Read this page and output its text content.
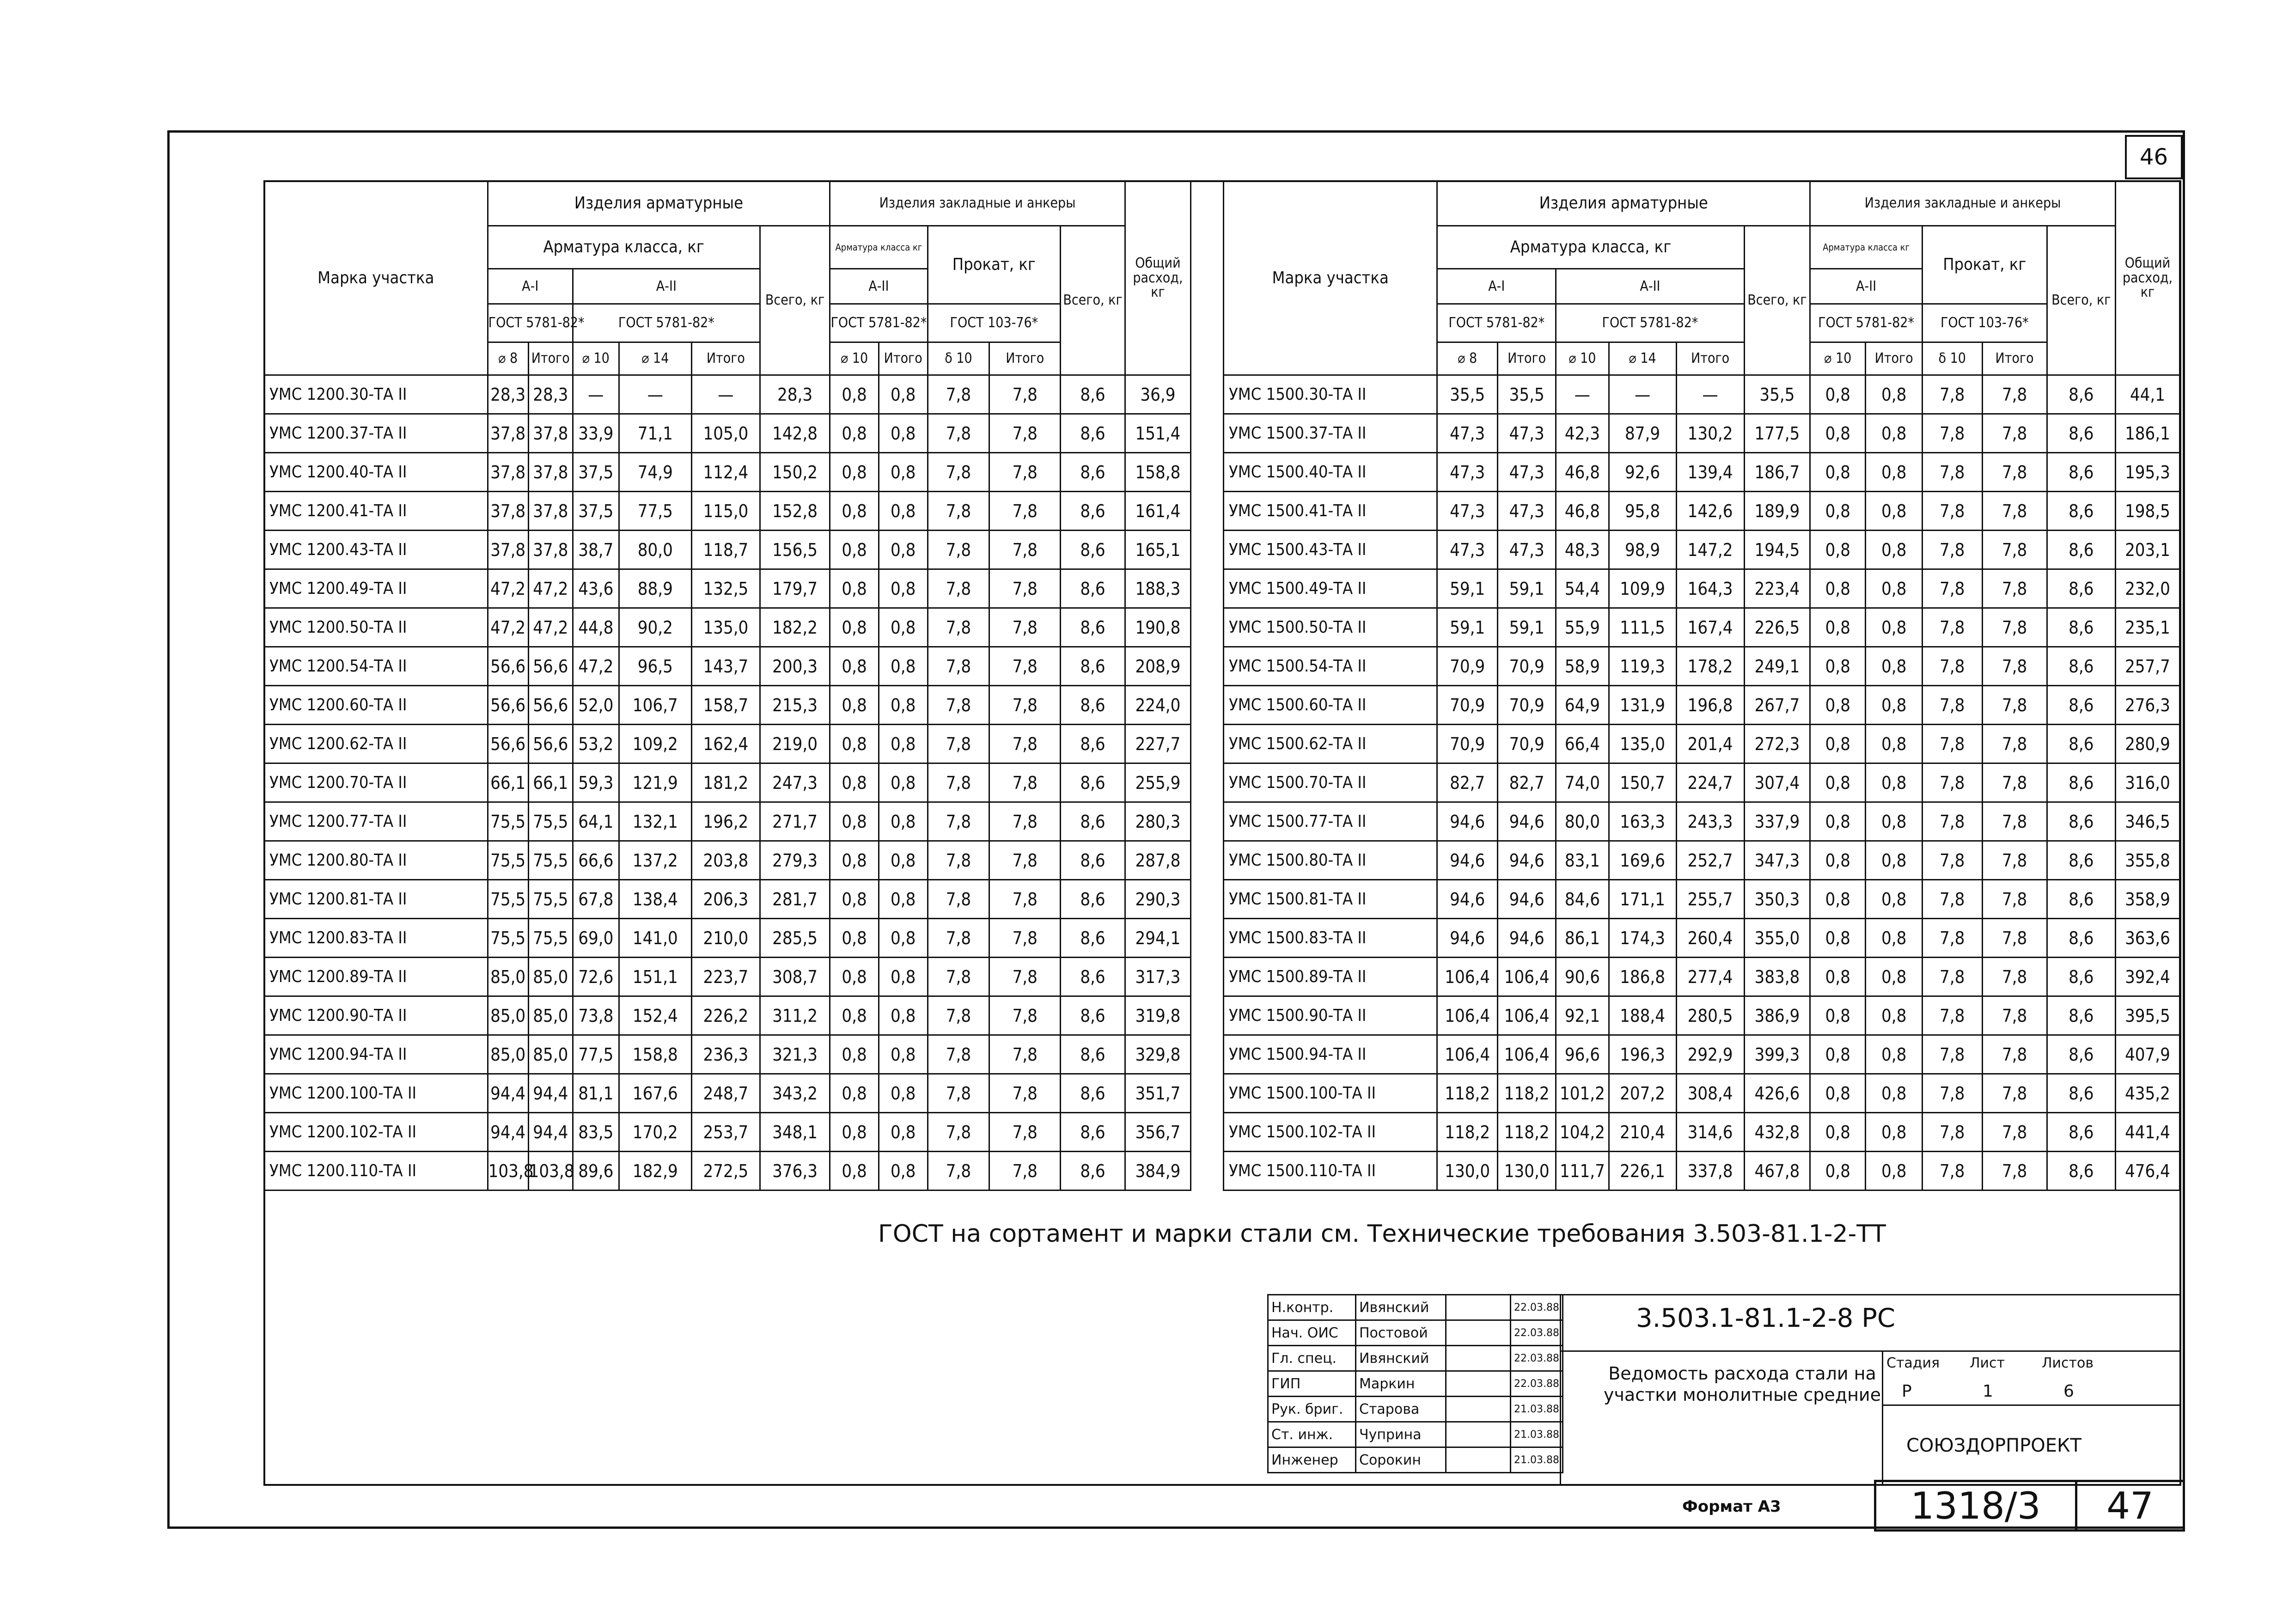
46
Марка участка	Изделия арматурные						Изделия закладные и анкеры					Общий расход, кг
	Арматура класса, кг					Всего, кг	Арматура класса кг		Прокат, кг		Всего, кг	
	А-I		А-II				А-II					
	ГОСТ 5781-82*		ГОСТ 5781-82*				ГОСТ 5781-82*		ГОСТ 103-76*			
	⌀ 8	Итого	⌀ 10	⌀ 14	Итого		⌀ 10	Итого	δ 10	Итого		
УМС 1200.30-ТА II	28,3	28,3	—	—	—	28,3	0,8	0,8	7,8	7,8	8,6	36,9
УМС 1200.37-ТА II	37,8	37,8	33,9	71,1	105,0	142,8	0,8	0,8	7,8	7,8	8,6	151,4
УМС 1200.40-ТА II	37,8	37,8	37,5	74,9	112,4	150,2	0,8	0,8	7,8	7,8	8,6	158,8
УМС 1200.41-ТА II	37,8	37,8	37,5	77,5	115,0	152,8	0,8	0,8	7,8	7,8	8,6	161,4
УМС 1200.43-ТА II	37,8	37,8	38,7	80,0	118,7	156,5	0,8	0,8	7,8	7,8	8,6	165,1
УМС 1200.49-ТА II	47,2	47,2	43,6	88,9	132,5	179,7	0,8	0,8	7,8	7,8	8,6	188,3
УМС 1200.50-ТА II	47,2	47,2	44,8	90,2	135,0	182,2	0,8	0,8	7,8	7,8	8,6	190,8
УМС 1200.54-ТА II	56,6	56,6	47,2	96,5	143,7	200,3	0,8	0,8	7,8	7,8	8,6	208,9
УМС 1200.60-ТА II	56,6	56,6	52,0	106,7	158,7	215,3	0,8	0,8	7,8	7,8	8,6	224,0
УМС 1200.62-ТА II	56,6	56,6	53,2	109,2	162,4	219,0	0,8	0,8	7,8	7,8	8,6	227,7
УМС 1200.70-ТА II	66,1	66,1	59,3	121,9	181,2	247,3	0,8	0,8	7,8	7,8	8,6	255,9
УМС 1200.77-ТА II	75,5	75,5	64,1	132,1	196,2	271,7	0,8	0,8	7,8	7,8	8,6	280,3
УМС 1200.80-ТА II	75,5	75,5	66,6	137,2	203,8	279,3	0,8	0,8	7,8	7,8	8,6	287,8
УМС 1200.81-ТА II	75,5	75,5	67,8	138,4	206,3	281,7	0,8	0,8	7,8	7,8	8,6	290,3
УМС 1200.83-ТА II	75,5	75,5	69,0	141,0	210,0	285,5	0,8	0,8	7,8	7,8	8,6	294,1
УМС 1200.89-ТА II	85,0	85,0	72,6	151,1	223,7	308,7	0,8	0,8	7,8	7,8	8,6	317,3
УМС 1200.90-ТА II	85,0	85,0	73,8	152,4	226,2	311,2	0,8	0,8	7,8	7,8	8,6	319,8
УМС 1200.94-ТА II	85,0	85,0	77,5	158,8	236,3	321,3	0,8	0,8	7,8	7,8	8,6	329,8
УМС 1200.100-ТА II	94,4	94,4	81,1	167,6	248,7	343,2	0,8	0,8	7,8	7,8	8,6	351,7
УМС 1200.102-ТА II	94,4	94,4	83,5	170,2	253,7	348,1	0,8	0,8	7,8	7,8	8,6	356,7
УМС 1200.110-ТА II	103,8	103,8	89,6	182,9	272,5	376,3	0,8	0,8	7,8	7,8	8,6	384,9
Марка участка	Изделия арматурные						Изделия закладные и анкеры					Общий расход, кг
	Арматура класса, кг					Всего, кг	Арматура класса кг		Прокат, кг		Всего, кг	
	А-I		А-II				А-II					
	ГОСТ 5781-82*		ГОСТ 5781-82*				ГОСТ 5781-82*		ГОСТ 103-76*			
	⌀ 8	Итого	⌀ 10	⌀ 14	Итого		⌀ 10	Итого	δ 10	Итого		
УМС 1500.30-ТА II	35,5	35,5	—	—	—	35,5	0,8	0,8	7,8	7,8	8,6	44,1
УМС 1500.37-ТА II	47,3	47,3	42,3	87,9	130,2	177,5	0,8	0,8	7,8	7,8	8,6	186,1
УМС 1500.40-ТА II	47,3	47,3	46,8	92,6	139,4	186,7	0,8	0,8	7,8	7,8	8,6	195,3
УМС 1500.41-ТА II	47,3	47,3	46,8	95,8	142,6	189,9	0,8	0,8	7,8	7,8	8,6	198,5
УМС 1500.43-ТА II	47,3	47,3	48,3	98,9	147,2	194,5	0,8	0,8	7,8	7,8	8,6	203,1
УМС 1500.49-ТА II	59,1	59,1	54,4	109,9	164,3	223,4	0,8	0,8	7,8	7,8	8,6	232,0
УМС 1500.50-ТА II	59,1	59,1	55,9	111,5	167,4	226,5	0,8	0,8	7,8	7,8	8,6	235,1
УМС 1500.54-ТА II	70,9	70,9	58,9	119,3	178,2	249,1	0,8	0,8	7,8	7,8	8,6	257,7
УМС 1500.60-ТА II	70,9	70,9	64,9	131,9	196,8	267,7	0,8	0,8	7,8	7,8	8,6	276,3
УМС 1500.62-ТА II	70,9	70,9	66,4	135,0	201,4	272,3	0,8	0,8	7,8	7,8	8,6	280,9
УМС 1500.70-ТА II	82,7	82,7	74,0	150,7	224,7	307,4	0,8	0,8	7,8	7,8	8,6	316,0
УМС 1500.77-ТА II	94,6	94,6	80,0	163,3	243,3	337,9	0,8	0,8	7,8	7,8	8,6	346,5
УМС 1500.80-ТА II	94,6	94,6	83,1	169,6	252,7	347,3	0,8	0,8	7,8	7,8	8,6	355,8
УМС 1500.81-ТА II	94,6	94,6	84,6	171,1	255,7	350,3	0,8	0,8	7,8	7,8	8,6	358,9
УМС 1500.83-ТА II	94,6	94,6	86,1	174,3	260,4	355,0	0,8	0,8	7,8	7,8	8,6	363,6
УМС 1500.89-ТА II	106,4	106,4	90,6	186,8	277,4	383,8	0,8	0,8	7,8	7,8	8,6	392,4
УМС 1500.90-ТА II	106,4	106,4	92,1	188,4	280,5	386,9	0,8	0,8	7,8	7,8	8,6	395,5
УМС 1500.94-ТА II	106,4	106,4	96,6	196,3	292,9	399,3	0,8	0,8	7,8	7,8	8,6	407,9
УМС 1500.100-ТА II	118,2	118,2	101,2	207,2	308,4	426,6	0,8	0,8	7,8	7,8	8,6	435,2
УМС 1500.102-ТА II	118,2	118,2	104,2	210,4	314,6	432,8	0,8	0,8	7,8	7,8	8,6	441,4
УМС 1500.110-ТА II	130,0	130,0	111,7	226,1	337,8	467,8	0,8	0,8	7,8	7,8	8,6	476,4
ГОСТ на сортамент и марки стали см. Технические требования 3.503-81.1-2-ТТ
Н.контр.	Ивянский		22.03.88
Нач. ОИС	Постовой		22.03.88
Гл. спец.	Ивянский		22.03.88
ГИП	Маркин		22.03.88
Рук. бриг.	Старова		21.03.88
Ст. инж.	Чуприна		21.03.88
Инженер	Сорокин		21.03.88
3.503.1-81.1-2-8 РС
Ведомость расхода стали на участки монолитные средние
Стадия Лист	Листов
Р	1	6
СОЮЗДОРПРОЕКТ
Формат А3	1318/3	47
